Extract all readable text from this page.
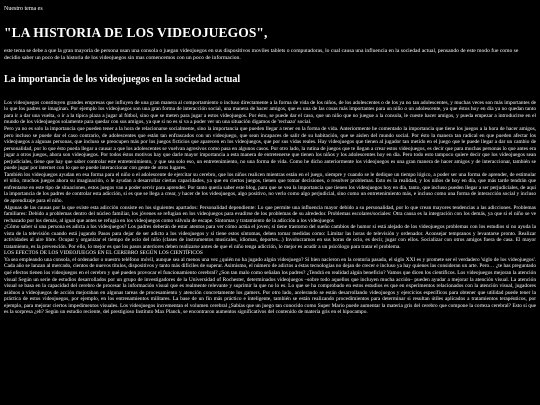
Nuestro tema es
"LA HISTORIA DE LOS VIDEOJUEGOS",
este tema se debe a que la gran mayoria de persona usan una consola o juegan videojuegos en sus dispositivos moviles tablets o computadoras, lo cual causa una influencia en la sociedad actual, pensando de este modo fue como se decidio saber un poco de la historia de los videojuegos sin mas comencemos con un poco de informacion.
La importancia de los videojuegos en la sociedad actual

Los videojuegos constituyen grandes empresas que influyen de una gran manera al comportamiento o incluso directamente a la forma de vida de los niños, de los adolescentes o de los ya no tan adolescentes, y muchas veces son más importantes de lo que los padres se imaginan. Por ejemplo los videojuegos son una gran forma de interacción social, una manera de hacer amigos, que es una de las cosas más importantes para un niño o un adolescente, ya que éstos hoy en día ya no quedan tanto para ir a dar una vuelta, o ir a la típica plaza a jugar al fútbol, sino que se meten para jugar a estos videojuegos. Por ésto, se puede dar el caso, que un niño que no juegue a la consola, le cueste hacer amigos, y pueda empezar a introducirse en el mundo de los videojuegos solamente para quedar con sus amigos, ya que si no es sí va a poder ver un una situación digamos de 'rechazo' social.

Pero ya no es solo la importancia que pueden tener a la hora de relacionarse socialmente, sino la importancia que pueden llegar a tener en la forma de vida. Anteriormente he comentado la importancia que tiene los juegos a la hora de hacer amigos, pero incluso se puede dar el caso contrario, de adolescentes que están tan enfrascados con un videojuego, que sean incapaces de salir de su habitación, que se aíslen del mundo social. Por ésto la manera tan radical en que pueden afectar los videojuegos a algunas personas, que incluso se preocupen más por los juegos ficticios que aparecen en los videojuegos, que por sus vidas reales. Hay videojuegos que tienen al jugador tan metido en el juego que le puede llegar a dar un cambio de personalidad, por lo que ésto pueda llegar a causar a que los adolescentes se vuelvan agresivos como pasa en algunos casos. Por otro lado, la rutina de juegos que te llegan a crear estos videojuegos, es decir que para muchas personas lo que antes era jugar a otros juegos, ahora son videojuegos. Por todos éstos motivos hay que darle mayor importancia a esta manera de entretenerse que tienen los niños y los adolescentes hoy en día. Pero todo esto tampoco quiere decir que los videojuegos sean perjudiciales, tiene que hay que saber controlar este entretenimiento, y que sea solo eso, un entretenimiento, no una forma de vida. Como he dicho anteriormente los videojuegos es una gran manera de hacer amigos y de interaccionar, también se puede jugar por internet con lo que se puede interaccionar con gente de otros lugares.

También los videojuegos ayudan en esa forma para el niño o el adolescente de ejercitar su cerebro, que los niños realicen mientras están en el juego, siempre y cuando se le dedique un tiempo lógico, a poder ser una forma de aprender, de estimular el niño, muchos juegos ahora su imaginación, o le ayudan a desarrollar ciertas capacidades, ya que en ciertos juegos, tienen que tomar decisiones, o resolver problemas. Esto es la realidad, y los niños de hoy en día, que más tarde tendrán que enfrentarse en este tipo de situaciones, estos juegos van a poder servir para aprender. Por tanto quería saber este blog, para que se vea la importancia que tienen los videojuegos hoy en día, tanto, que incluso pueden llegar a ser perjudiciales, de aquí la importancia de los padres de controlar esta adicción, si es que se llega a crear, y hacer de los videojuegos, algo positivo, no verlo como algo perjudicial, sino como un entretenimiento más, e incluso como una forma de interacción social y incluso de aprendizaje para el niño.

Algunas de las causas por la que existe esta adicción consiste en los siguientes apartados: Personalidad dependiente: Lo que permite una influencia mayor debido a su personalidad, por lo que crean mayores tendencias a las adicciones. Problemas familiares: Debido a problemas dentro del núcleo familiar, los jóvenes se refugian en los videojuegos para evadirse de los problemas de su alrededor. Problemas escolares/sociales: Otra causa es la integración con los demás, ya que si el niño se ve rechazado por los demás, al igual que antes se refugia en los videojuegos como válvula de escape. Síntomas y tratamiento de la adicción a los videojuegos

¿Cómo saber si una persona es adicta a los videojuegos? Los padres deberán de estar atentos para ver cómo actúa el joven; si tiene trastorno del sueño cambios de humor si está alejado de los videojuegos problemas con los estudios si no ayuda la vista de la televisión cuando está jugando Pasos para dejar de ser adicto a los videojuegos y si tiene estos síntomas, deben tomar medidas como: Limitar las horas de televisión y ordenador. Aconsejar tempranos y levantarse pronto. Realizar actividades al aire libre. Ocupar y organizar el tiempo de ocio del niño (clases de instrumentos musicales, idiomas, deportes...) Involucrarnos en sus horas de ocio, es decir, jugar con ellos. Socializar con otros amigos fuera de casa. El mayor tratamiento, es la prevención. Por ello, lo mejor es que los pasos anteriores deben realizarse antes de que el niño tenga adicción, lo mejor es acudir a un psicólogo para tratar el problema.

LOS EFECTOS DE LOS VIDEOJUEGOS EN EL CEREBRO SEGÚN LOS CIENTÍFICOS

Ya sea empleando una consola, el ordenador o nuestro teléfono móvil, aunque sea al menos una vez ¿quién no ha jugado algún videojuego? Si bien nacieron en la centuria pasada, el siglo XXI es y promete ser el verdadero 'siglo de los videojuegos'. Cada año se lanzan al mercado, cientos de nuevos títulos, dispositivos y tanto más difíciles de superar. Asimismo, el número de adictos a éstas tecnologías no dejan de crecer e incluso ya hay quienes las consideran un arte. Pero… ¿te has preguntado qué efectos tienen los videojuegos en el cerebro y qué pueden provocar el funcionamiento cerebral? ¿Son tan malo como señalan los padres? ¿Tendrá en realidad algún beneficio? Vamos que dicen los científicos. Los videojuegos mejoran la atención visual Según un serie de estudios desarrollados por un grupo de investigadores de la Universidad of Rochester, determinados videojuegos –sobre todo aquellos que incluyen mucha acción– pueden ayudar a mejorar la atención visual. La atención visual se basa en la capacidad del cerebro de procesar la información visual que es realmente relevante y suprimir la que no lo es. Lo que se ha comprobado en estos estudios es que en experimentos relacionados con la atención visual, jugadores asiduos a videojuegos de acción mejoraban en algunas tareas de procesamiento y atención concretamente los gamers. Por otro lado, acelerando se están desarrollando videojuegos y ejercicios específicos para obtener que utilidad puede tener la práctica de estos videojuegos, por ejemplo, en los entrenamientos militares. La base de un fin más práctico e inteligente, también se están realizando procedimientos para determinar si resultan útiles aplicados a tratamientos terapéuticos, por ejemplo, para mejorar ciertos impedimentos visuales. Los videojuegos incrementan el volumen cerebral ¿Sabías que un juego tan conocido como Super Mario puede aumentar la materia gris del cerebro que compone la corteza cerebral? Esto sí que es la sorpresa ¿eh? Según un estudio reciente, del prestigioso Instituto Max Planck, se encontraron aumentos significativos del contenido de materia gris en el hipocampo.
